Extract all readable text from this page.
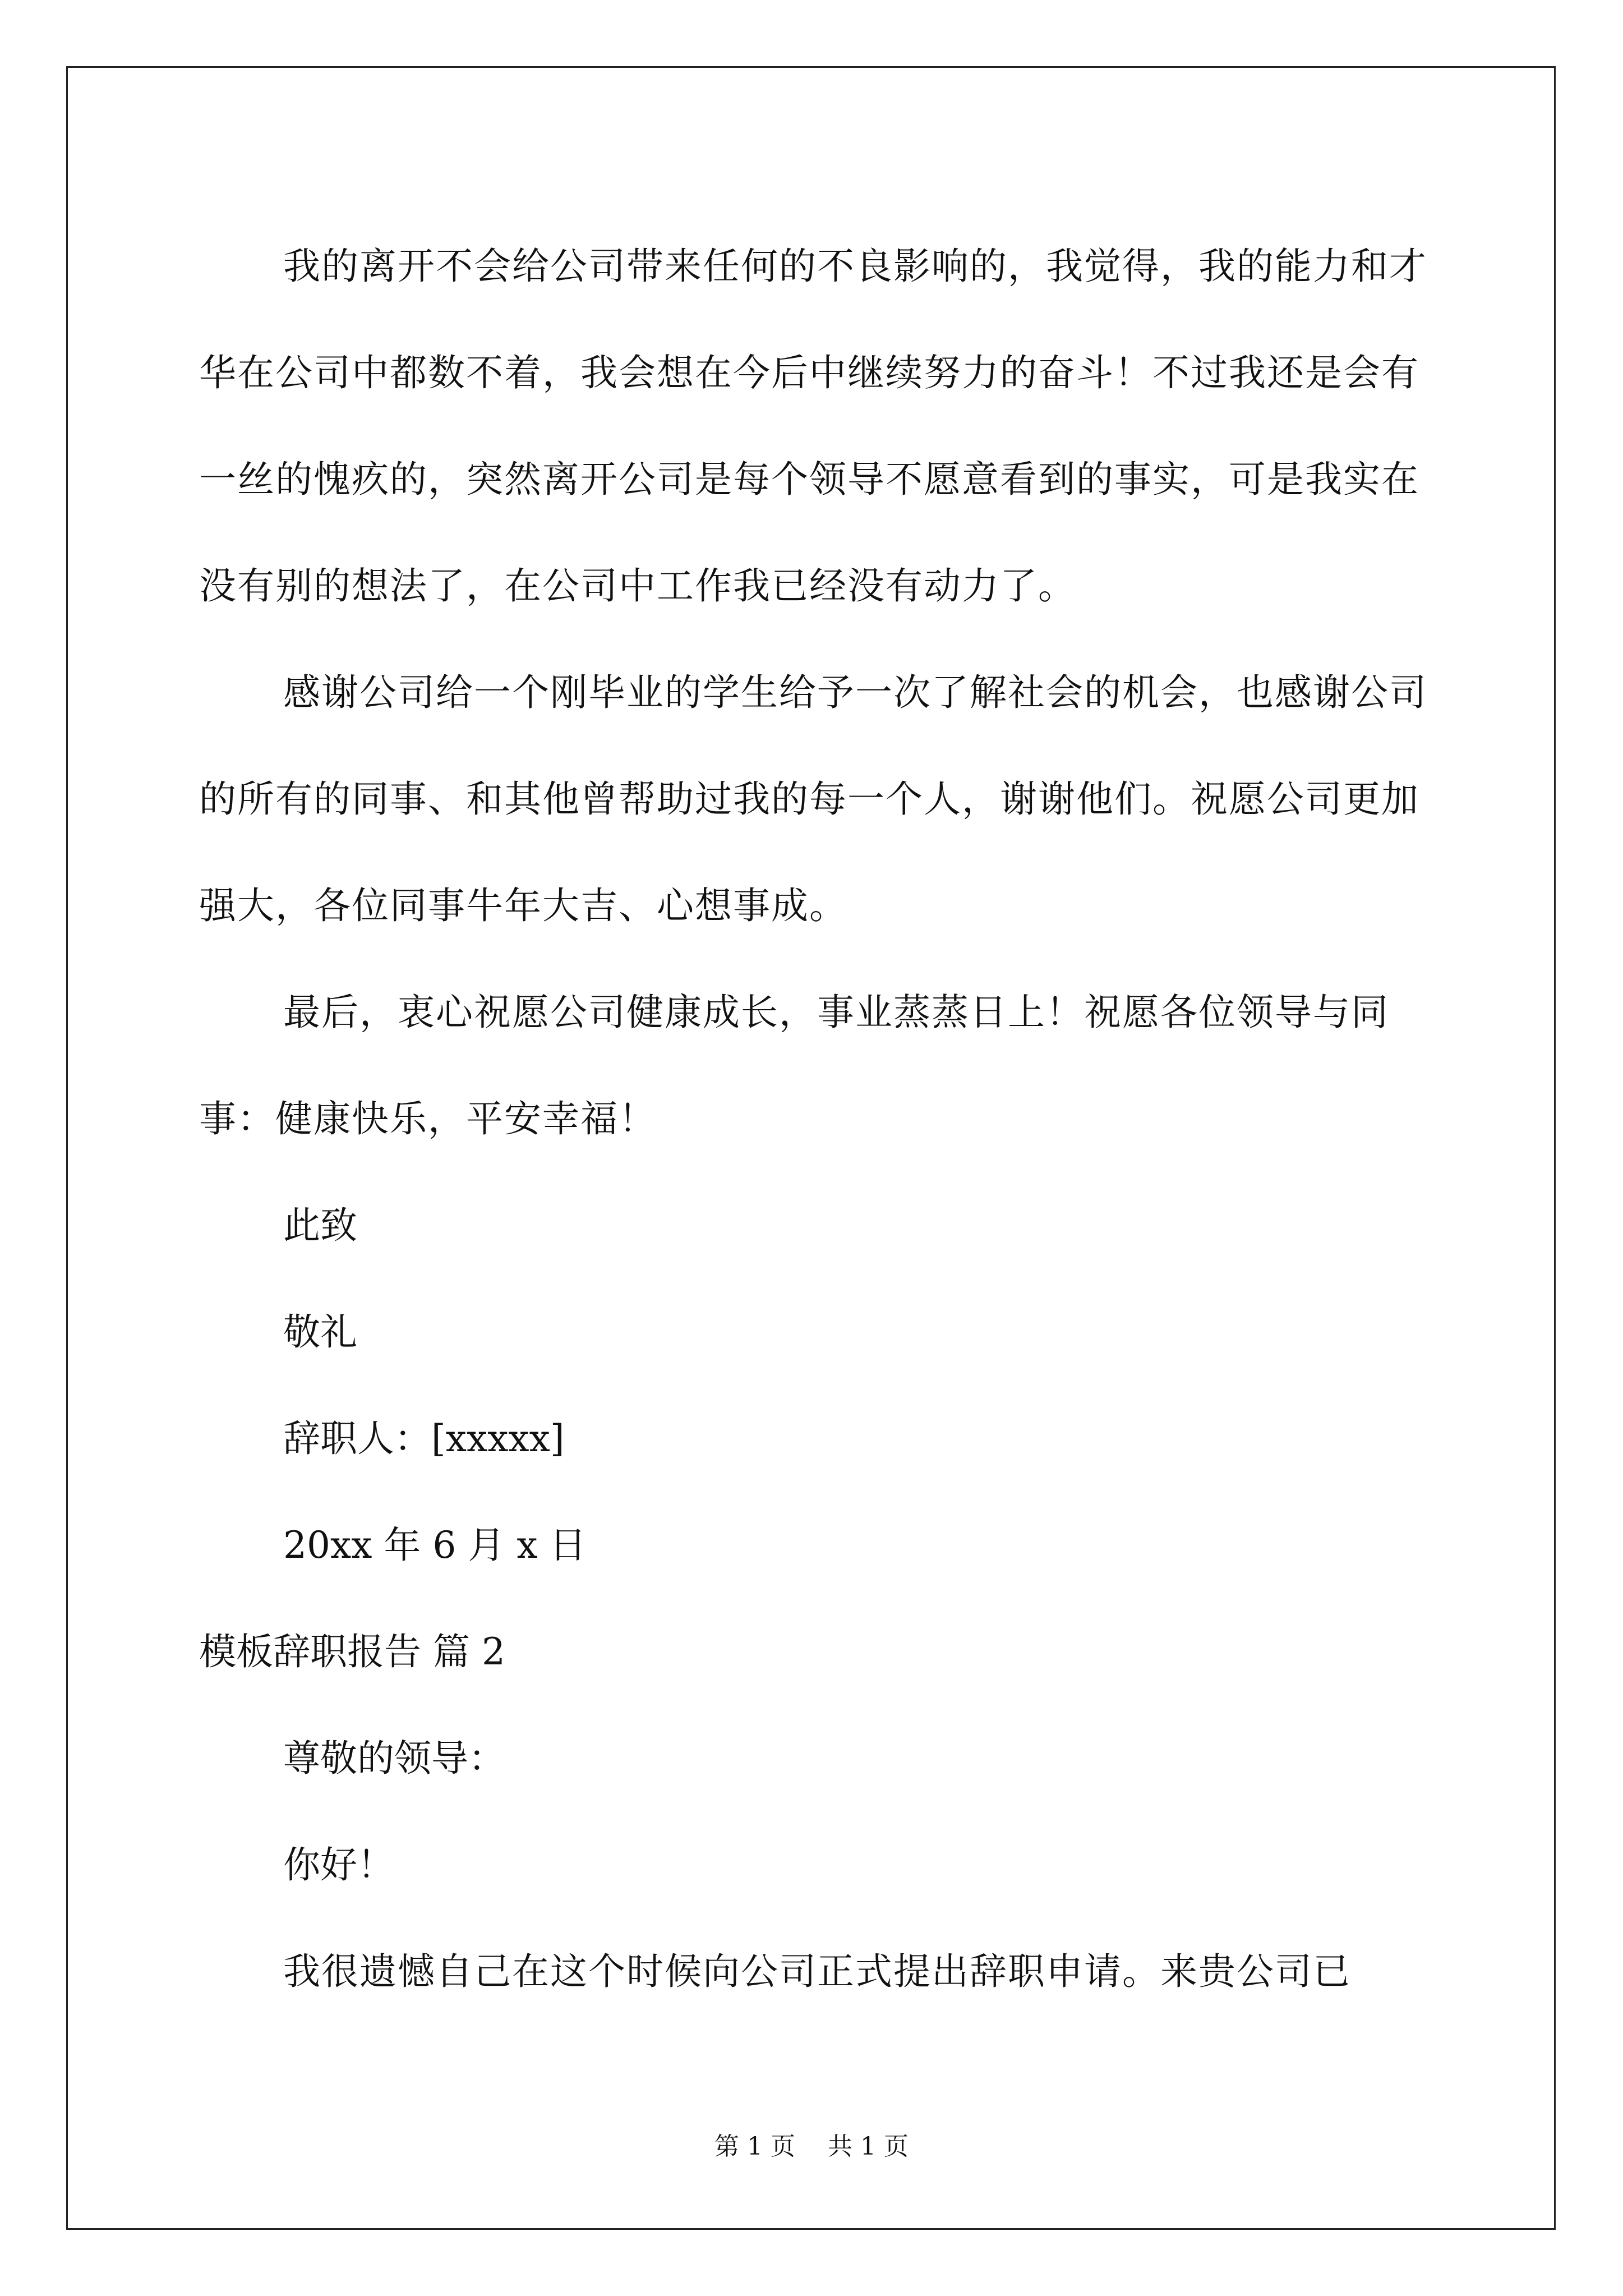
我的离开不会给公司带来任何的不良影响的，我觉得，我的能力和才华在公司中都数不着，我会想在今后中继续努力的奋斗！不过我还是会有一丝的愧疚的，突然离开公司是每个领导不愿意看到的事实，可是我实在没有别的想法了，在公司中工作我已经没有动力了。

感谢公司给一个刚毕业的学生给予一次了解社会的机会，也感谢公司的所有的同事、和其他曾帮助过我的每一个人，谢谢他们。祝愿公司更加强大，各位同事牛年大吉、心想事成。

最后，衷心祝愿公司健康成长，事业蒸蒸日上！祝愿各位领导与同事：健康快乐，平安幸福！

此致

敬礼

辞职人：[xxxxx]

20xx 年 6 月 x 日

模板辞职报告 篇 2

尊敬的领导：

你好！

我很遗憾自己在这个时候向公司正式提出辞职申请。来贵公司已

第 1 页 共 1 页
